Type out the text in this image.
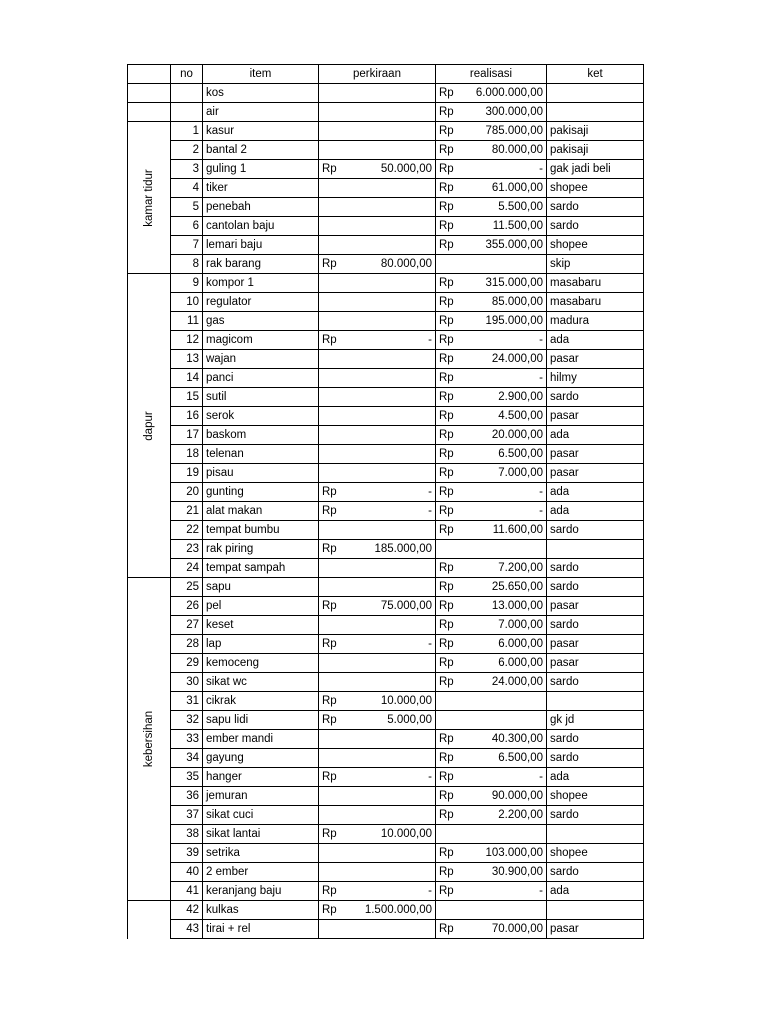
	no	item	perkiraan	realisasi	ket
		kos		Rp 6.000.000,00	

		air		Rp 300.000,00	

kamar tidur	1	kasur		Rp 785.000,00	pakisaji
	2	bantal 2		Rp 80.000,00	pakisaji
	3	guling 1	Rp 50.000,00	Rp -	gak jadi beli
	4	tiker		Rp 61.000,00	shopee
	5	penebah		Rp 5.500,00	sardo
	6	cantolan baju		Rp 11.500,00	sardo
	7	lemari baju		Rp 355.000,00	shopee
	8	rak barang	Rp 80.000,00		skip

dapur	9	kompor 1		Rp 315.000,00	masabaru
	10	regulator		Rp 85.000,00	masabaru
	11	gas		Rp 195.000,00	madura
	12	magicom	Rp -	Rp -	ada
	13	wajan		Rp 24.000,00	pasar
	14	panci		Rp -	hilmy
	15	sutil		Rp 2.900,00	sardo
	16	serok		Rp 4.500,00	pasar
	17	baskom		Rp 20.000,00	ada
	18	telenan		Rp 6.500,00	pasar
	19	pisau		Rp 7.000,00	pasar
	20	gunting	Rp -	Rp -	ada
	21	alat makan	Rp -	Rp -	ada
	22	tempat bumbu		Rp 11.600,00	sardo
	23	rak piring	Rp 185.000,00		

	24	tempat sampah		Rp 7.200,00	sardo

kebersihan	25	sapu		Rp 25.650,00	sardo
	26	pel	Rp 75.000,00	Rp 13.000,00	pasar
	27	keset		Rp 7.000,00	sardo
	28	lap	Rp -	Rp 6.000,00	pasar
	29	kemoceng		Rp 6.000,00	pasar
	30	sikat wc		Rp 24.000,00	sardo
	31	cikrak	Rp 10.000,00		

	32	sapu lidi	Rp 5.000,00		gk jd
	33	ember mandi		Rp 40.300,00	sardo
	34	gayung		Rp 6.500,00	sardo
	35	hanger	Rp -	Rp -	ada
	36	jemuran		Rp 90.000,00	shopee
	37	sikat cuci		Rp 2.200,00	sardo
	38	sikat lantai	Rp 10.000,00		

	39	setrika		Rp 103.000,00	shopee
	40	2 ember		Rp 30.900,00	sardo
	41	keranjang baju	Rp -	Rp -	ada

	42	kulkas	Rp 1.500.000,00		

	43	tirai + rel		Rp 70.000,00	pasar
